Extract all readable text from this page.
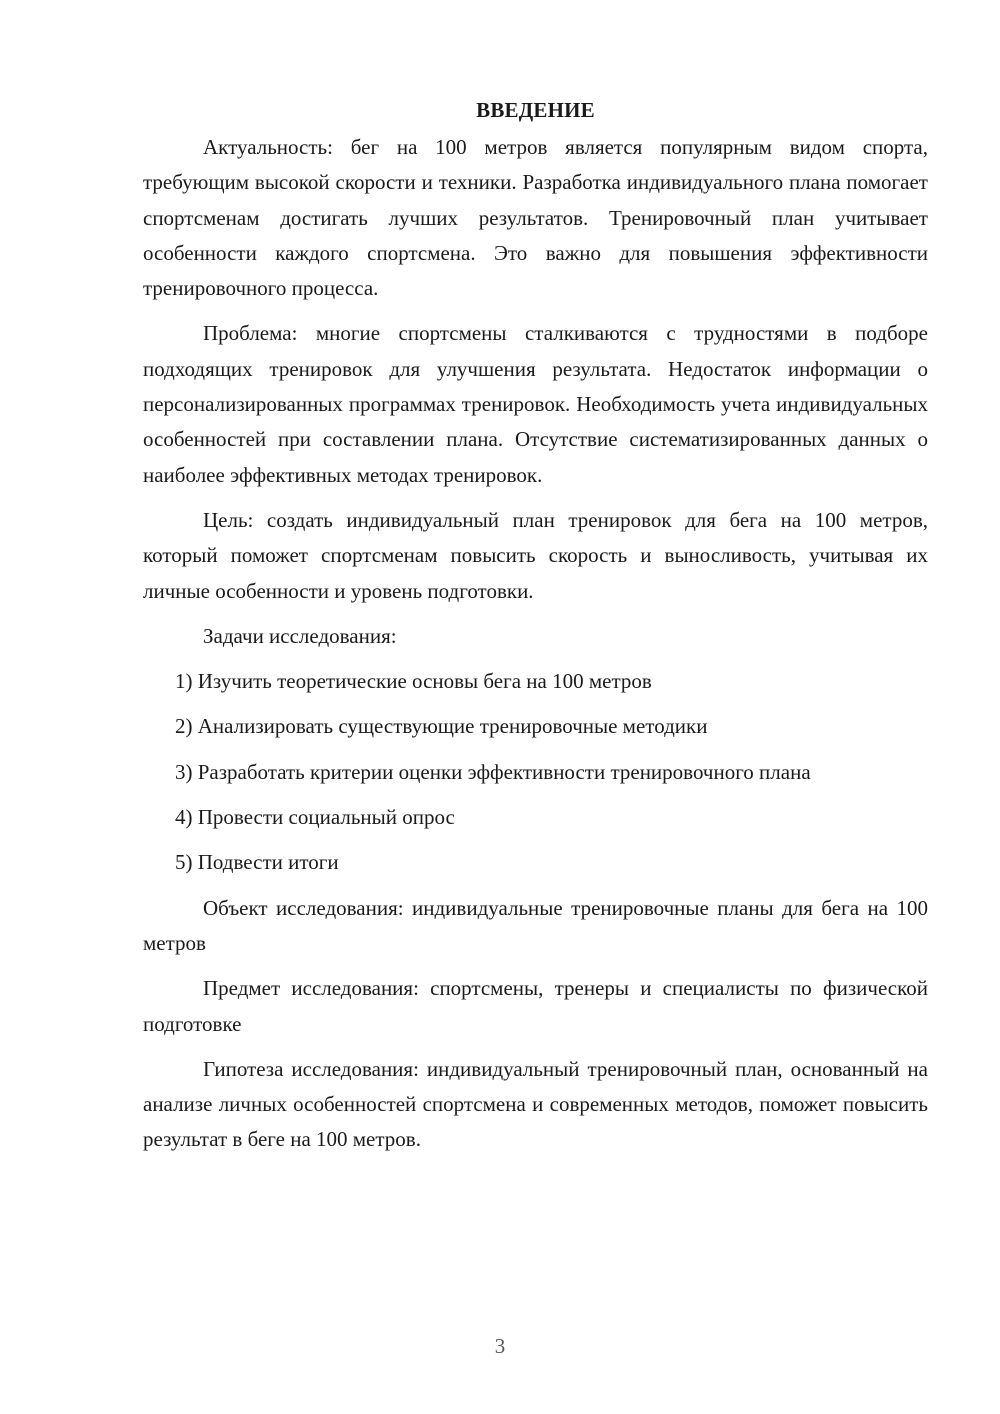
ВВЕДЕНИЕ

Актуальность: бег на 100 метров является популярным видом спорта, требующим высокой скорости и техники. Разработка индивидуального плана помогает спортсменам достигать лучших результатов. Тренировочный план учитывает особенности каждого спортсмена. Это важно для повышения эффективности тренировочного процесса.

Проблема: многие спортсмены сталкиваются с трудностями в подборе подходящих тренировок для улучшения результата. Недостаток информации о персонализированных программах тренировок. Необходимость учета индивидуальных особенностей при составлении плана. Отсутствие систематизированных данных о наиболее эффективных методах тренировок.

Цель: создать индивидуальный план тренировок для бега на 100 метров, который поможет спортсменам повысить скорость и выносливость, учитывая их личные особенности и уровень подготовки.

Задачи исследования:

1) Изучить теоретические основы бега на 100 метров

2) Анализировать существующие тренировочные методики

3) Разработать критерии оценки эффективности тренировочного плана

4) Провести социальный опрос

5) Подвести итоги

Объект исследования: индивидуальные тренировочные планы для бега на 100 метров

Предмет исследования: спортсмены, тренеры и специалисты по физической подготовке

Гипотеза исследования: индивидуальный тренировочный план, основанный на анализе личных особенностей спортсмена и современных методов, поможет повысить результат в беге на 100 метров.

3
